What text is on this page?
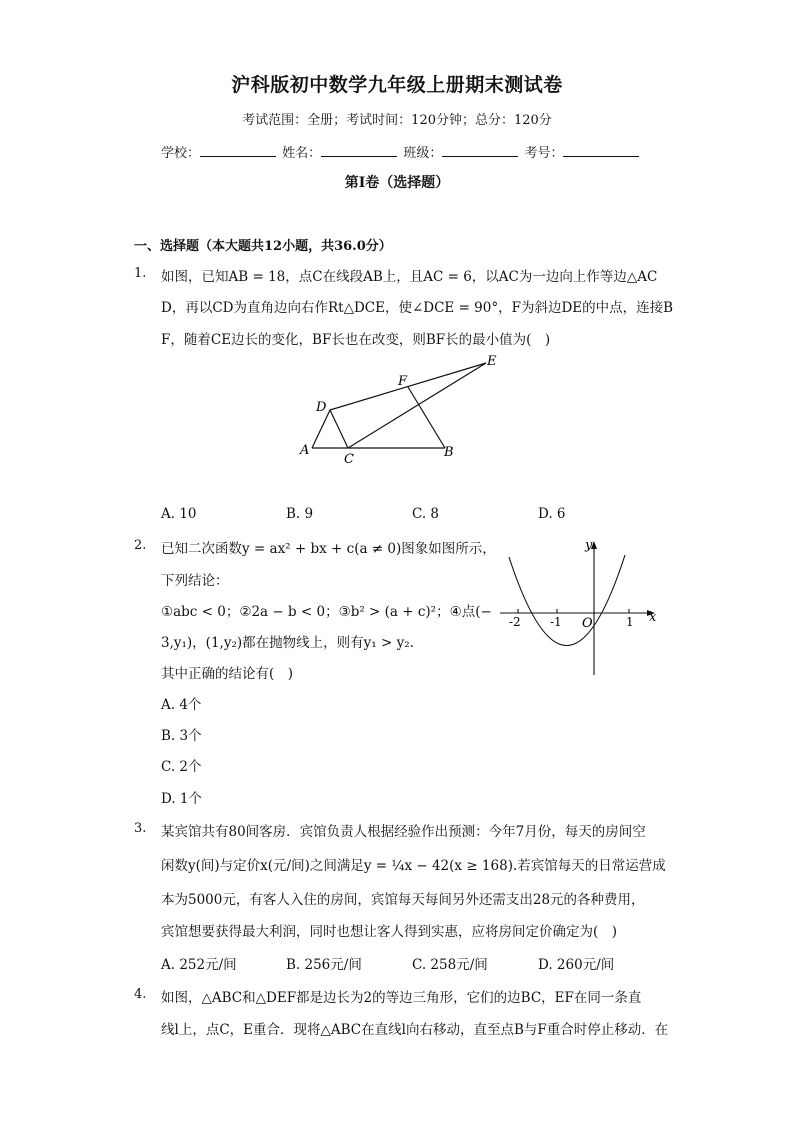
沪科版初中数学九年级上册期末测试卷
考试范围：全册；考试时间：120分钟；总分：120分
学校：	姓名：	班级：	考号：
第I卷（选择题）
一、选择题（本大题共12小题，共36.0分）
1. 如图，已知AB = 18，点C在线段AB上，且AC = 6，以AC为一边向上作等边△AC
D，再以CD为直角边向右作Rt△DCE，使∠DCE = 90°，F为斜边DE的中点，连接B
F，随着CE边长的变化，BF长也在改变，则BF长的最小值为(　)
A	B
C
D
E
F
A. 10	B. 9	C. 8	D. 6
2. 已知二次函数y = ax² + bx + c(a ≠ 0)图象如图所示，
下列结论：
①abc < 0；②2a − b < 0；③b² > (a + c)²；④点(−
3,y₁)，(1,y₂)都在抛物线上，则有y₁ > y₂.
其中正确的结论有(　)
-2 -1	1
O
y
x
A. 4个
B. 3个
C. 2个
D. 1个
3. 某宾馆共有80间客房．宾馆负责人根据经验作出预测：今年7月份，每天的房间空
闲数y(间)与定价x(元/间)之间满足y = ¼x − 42(x ≥ 168).若宾馆每天的日常运营成
本为5000元，有客人入住的房间，宾馆每天每间另外还需支出28元的各种费用，
宾馆想要获得最大利润，同时也想让客人得到实惠，应将房间定价确定为(　)
A. 252元/间	B. 256元/间	C. 258元/间	D. 260元/间
4. 如图，△ABC和△DEF都是边长为2的等边三角形，它们的边BC，EF在同一条直
线l上，点C，E重合．现将△ABC在直线l向右移动，直至点B与F重合时停止移动．在
